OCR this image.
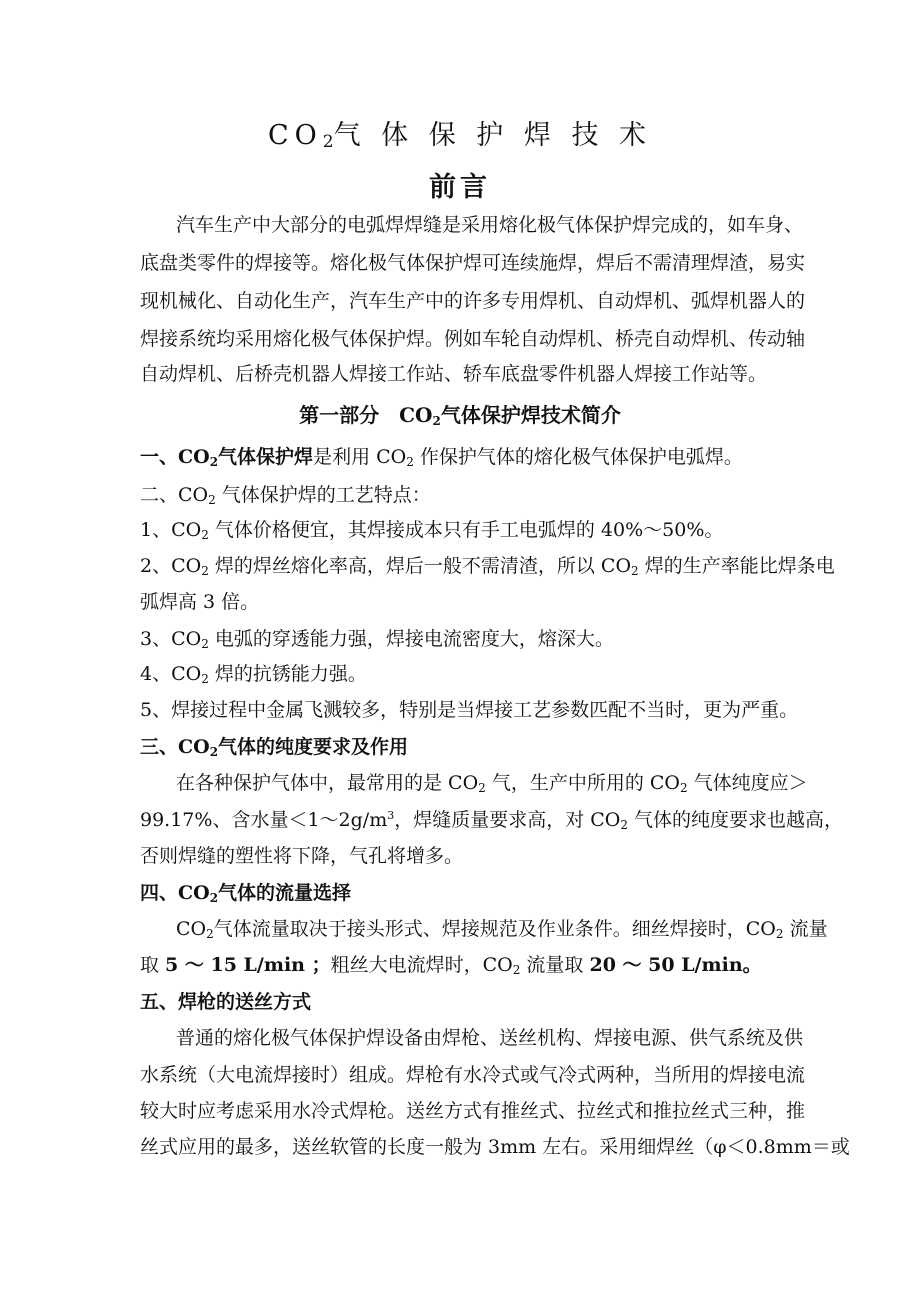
$CO_2$气 体 保 护 焊 技 术
前言
汽车生产中大部分的电弧焊焊缝是采用熔化极气体保护焊完成的，如车身、
底盘类零件的焊接等。熔化极气体保护焊可连续施焊，焊后不需清理焊渣，易实
现机械化、自动化生产，汽车生产中的许多专用焊机、自动焊机、弧焊机器人的
焊接系统均采用熔化极气体保护焊。例如车轮自动焊机、桥壳自动焊机、传动轴
自动焊机、后桥壳机器人焊接工作站、轿车底盘零件机器人焊接工作站等。
第一部分　$CO_2$气体保护焊技术简介
一、$CO_2$气体保护焊是利用 $CO_2$ 作保护气体的熔化极气体保护电弧焊。
二、$CO_2$ 气体保护焊的工艺特点：
1、$CO_2$ 气体价格便宜，其焊接成本只有手工电弧焊的 40%～50%。
2、$CO_2$ 焊的焊丝熔化率高，焊后一般不需清渣，所以 $CO_2$ 焊的生产率能比焊条电
弧焊高 3 倍。
3、$CO_2$ 电弧的穿透能力强，焊接电流密度大，熔深大。
4、$CO_2$ 焊的抗锈能力强。
5、焊接过程中金属飞溅较多，特别是当焊接工艺参数匹配不当时，更为严重。
三、$CO_2$气体的纯度要求及作用
在各种保护气体中，最常用的是 $CO_2$ 气，生产中所用的 $CO_2$ 气体纯度应＞
99.17%、含水量$<1\sim 2g/m^3$，焊缝质量要求高，对 $CO_2$ 气体的纯度要求也越高，
否则焊缝的塑性将下降，气孔将增多。
四、$CO_2$气体的流量选择
$CO_2$气体流量取决于接头形式、焊接规范及作业条件。细丝焊接时，$CO_2$ 流量
取 5 ～ 15 L/min ；粗丝大电流焊时，$CO_2$ 流量取 20 ～ 50 L/min。
五、焊枪的送丝方式
普通的熔化极气体保护焊设备由焊枪、送丝机构、焊接电源、供气系统及供
水系统（大电流焊接时）组成。焊枪有水冷式或气冷式两种，当所用的焊接电流
较大时应考虑采用水冷式焊枪。送丝方式有推丝式、拉丝式和推拉丝式三种，推
丝式应用的最多，送丝软管的长度一般为 3mm 左右。采用细焊丝（φ＜0.8mm＝或
